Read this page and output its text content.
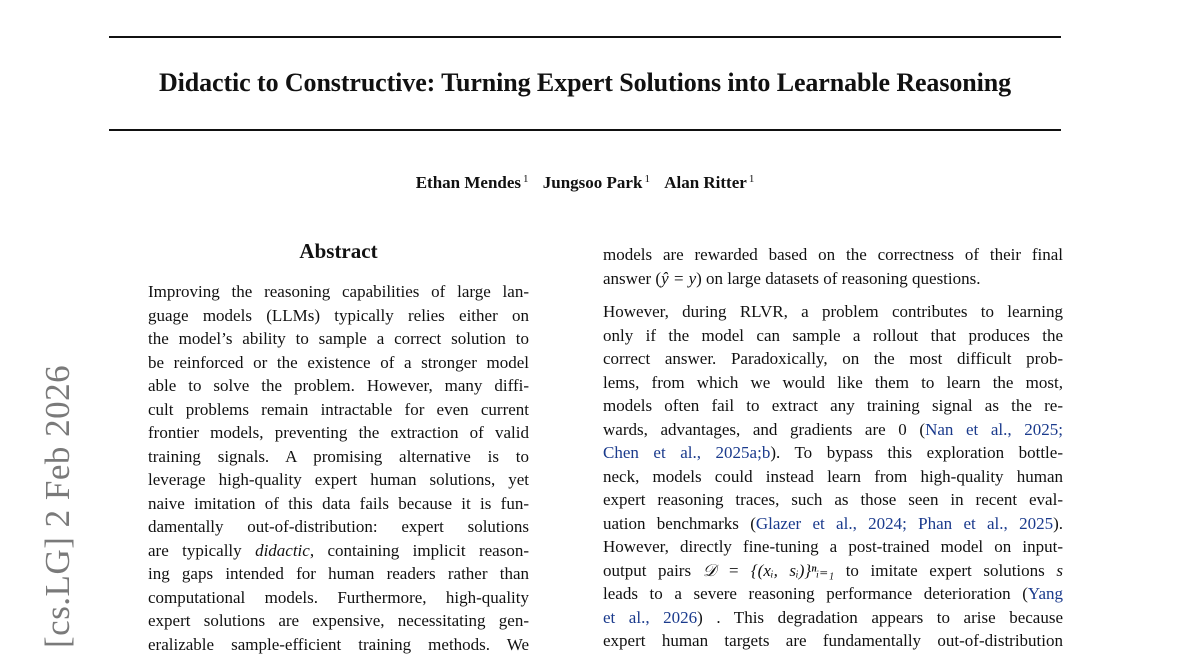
Didactic to Constructive: Turning Expert Solutions into Learnable Reasoning
Ethan Mendes $^1$ Jungsoo Park $^1$ Alan Ritter $^1$
[cs.LG] 2 Feb 2026
Abstract
Improving the reasoning capabilities of large lan-
guage models (LLMs) typically relies either on
the model’s ability to sample a correct solution to
be reinforced or the existence of a stronger model
able to solve the problem. However, many diffi-
cult problems remain intractable for even current
frontier models, preventing the extraction of valid
training signals. A promising alternative is to
leverage high-quality expert human solutions, yet
naive imitation of this data fails because it is fun-
damentally out-of-distribution: expert solutions
are typically didactic, containing implicit reason-
ing gaps intended for human readers rather than
computational models. Furthermore, high-quality
expert solutions are expensive, necessitating gen-
eralizable sample-efficient training methods. We
models are rewarded based on the correctness of their final
answer (ŷ = y) on large datasets of reasoning questions.
However, during RLVR, a problem contributes to learning
only if the model can sample a rollout that produces the
correct answer. Paradoxically, on the most difficult prob-
lems, from which we would like them to learn the most,
models often fail to extract any training signal as the re-
wards, advantages, and gradients are 0 (Nan et al., 2025;
Chen et al., 2025a;b). To bypass this exploration bottle-
neck, models could instead learn from high-quality human
expert reasoning traces, such as those seen in recent eval-
uation benchmarks (Glazer et al., 2024; Phan et al., 2025).
However, directly fine-tuning a post-trained model on input-
output pairs 𝒟 = {(xᵢ, sᵢ)}ⁿᵢ₌₁ to imitate expert solutions s
leads to a severe reasoning performance deterioration (Yang
et al., 2026) . This degradation appears to arise because
expert human targets are fundamentally out-of-distribution
